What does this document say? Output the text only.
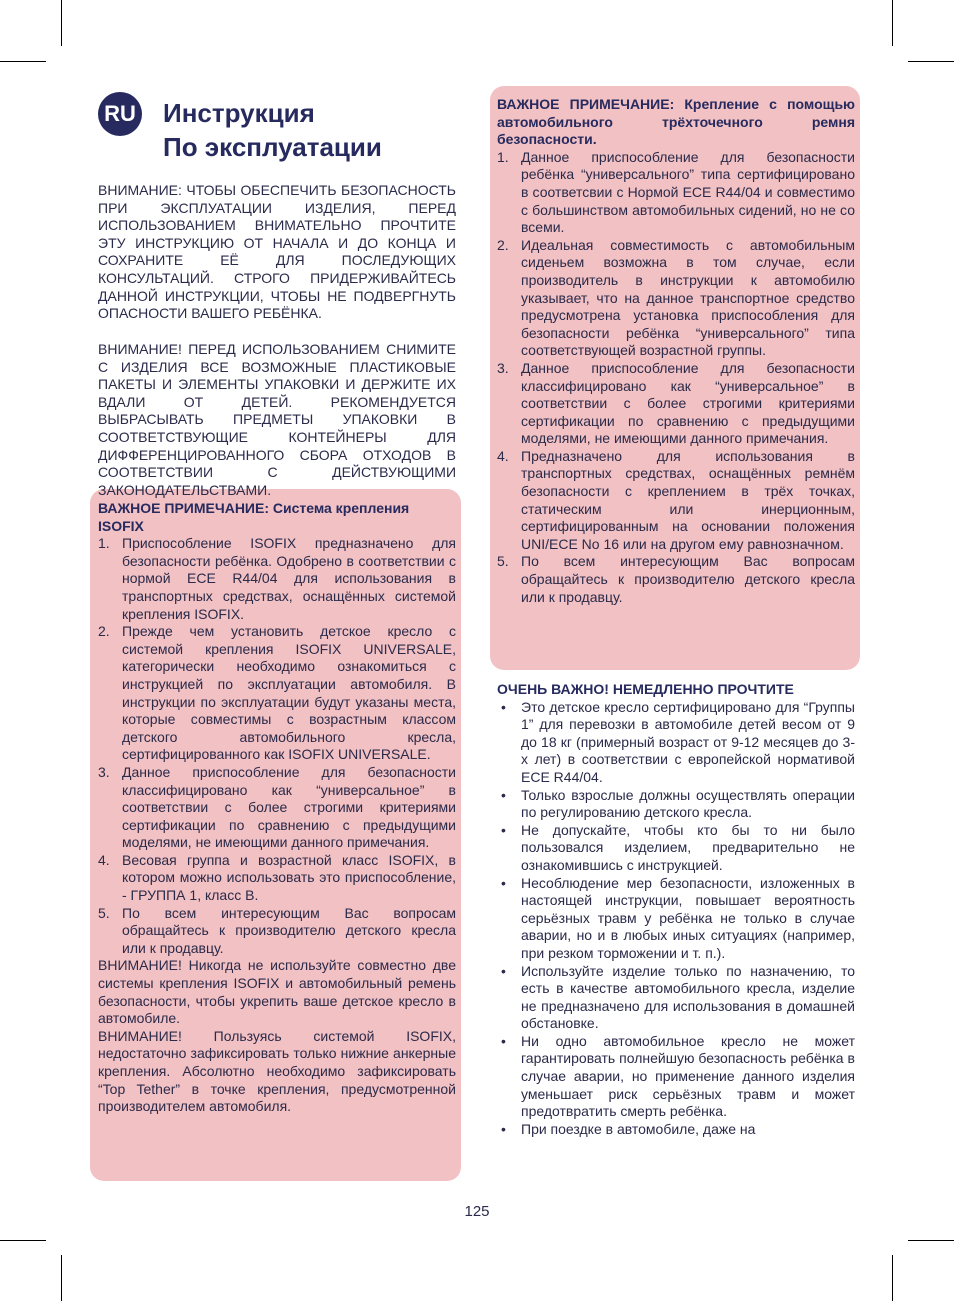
RU Инструкция
По эксплуатации
ВНИМАНИЕ: ЧТОБЫ ОБЕСПЕЧИТЬ БЕЗОПАСНОСТЬ ПРИ ЭКСПЛУАТАЦИИ ИЗДЕЛИЯ, ПЕРЕД ИСПОЛЬЗОВАНИЕМ ВНИМАТЕЛЬНО ПРОЧТИТЕ ЭТУ ИНСТРУКЦИЮ ОТ НАЧАЛА И ДО КОНЦА И СОХРАНИТЕ ЕЁ ДЛЯ ПОСЛЕДУЮЩИХ КОНСУЛЬТАЦИЙ. СТРОГО ПРИДЕРЖИВАЙТЕСЬ ДАННОЙ ИНСТРУКЦИИ, ЧТОБЫ НЕ ПОДВЕРГНУТЬ ОПАСНОСТИ ВАШЕГО РЕБЁНКА.
ВНИМАНИЕ! ПЕРЕД ИСПОЛЬЗОВАНИЕМ СНИМИТЕ С ИЗДЕЛИЯ ВСЕ ВОЗМОЖНЫЕ ПЛАСТИКОВЫЕ ПАКЕТЫ И ЭЛЕМЕНТЫ УПАКОВКИ И ДЕРЖИТЕ ИХ ВДАЛИ ОТ ДЕТЕЙ. РЕКОМЕНДУЕТСЯ ВЫБРАСЫВАТЬ ПРЕДМЕТЫ УПАКОВКИ В СООТВЕТСТВУЮЩИЕ КОНТЕЙНЕРЫ ДЛЯ ДИФФЕРЕНЦИРОВАННОГО СБОРА ОТХОДОВ В СООТВЕТСТВИИ С ДЕЙСТВУЮЩИМИ ЗАКОНОДАТЕЛЬСТВАМИ.
ВАЖНОЕ ПРИМЕЧАНИЕ: Система крепления ISOFIX
1. Приспособление ISOFIX предназначено для безопасности ребёнка. Одобрено в соответствии с нормой ECE R44/04 для использования в транспортных средствах, оснащённых системой крепления ISOFIX.
2. Прежде чем установить детское кресло с системой крепления ISOFIX UNIVERSALE, категорически необходимо ознакомиться с инструкцией по эксплуатации автомобиля. В инструкции по эксплуатации будут указаны места, которые совместимы с возрастным классом детского автомобильного кресла, сертифицированного как ISOFIX UNIVERSALE.
3. Данное приспособление для безопасности классифицировано как “универсальное” в соответствии с более строгими критериями сертификации по сравнению с предыдущими моделями, не имеющими данного примечания.
4. Весовая группа и возрастной класс ISOFIX, в котором можно использовать это приспособление, - ГРУППА 1, класс В.
5. По всем интересующим Вас вопросам обращайтесь к производителю детского кресла или к продавцу.
ВНИМАНИЕ! Никогда не используйте совместно две системы крепления ISOFIX и автомобильный ремень безопасности, чтобы укрепить ваше детское кресло в автомобиле.
ВНИМАНИЕ! Пользуясь системой ISOFIX, недостаточно зафиксировать только нижние анкерные крепления. Абсолютно необходимо зафиксировать “Top Tether” в точке крепления, предусмотренной производителем автомобиля.
ВАЖНОЕ ПРИМЕЧАНИЕ: Крепление с помощью автомобильного трёхточечного ремня безопасности.
1. Данное приспособление для безопасности ребёнка “универсального” типа сертифицировано в соответсвии с Нормой ECE R44/04 и совместимо с большинством автомобильных сидений, но не со всеми.
2. Идеальная совместимость с автомобильным сиденьем возможна в том случае, если производитель в инструкции к автомобилю указывает, что на данное транспортное средство предусмотрена установка приспособления для безопасности ребёнка “универсального” типа соответствующей возрастной группы.
3. Данное приспособление для безопасности классифицировано как “универсальное” в соответствии с более строгими критериями сертификации по сравнению с предыдущими моделями, не имеющими данного примечания.
4. Предназначено для использования в транспортных средствах, оснащённых ремнём безопасности с креплением в трёх точках, статическим или инерционным, сертифицированным на основании положения UNI/ECE No 16 или на другом ему равнозначном.
5. По всем интересующим Вас вопросам обращайтесь к производителю детского кресла или к продавцу.
ОЧЕНЬ ВАЖНО! НЕМЕДЛЕННО ПРОЧТИТЕ
• Это детское кресло сертифицировано для “Группы 1” для перевозки в автомобиле детей весом от 9 до 18 кг (примерный возраст от 9-12 месяцев до 3-х лет) в соответствии с европейской нормативой ECE R44/04.
• Только взрослые должны осуществлять операции по регулированию детского кресла.
• Не допускайте, чтобы кто бы то ни было пользовался изделием, предварительно не ознакомившись с инструкцией.
• Несоблюдение мер безопасности, изложенных в настоящей инструкции, повышает вероятность серьёзных травм у ребёнка не только в случае аварии, но и в любых иных ситуациях (например, при резком торможении и т. п.).
• Используйте изделие только по назначению, то есть в качестве автомобильного кресла, изделие не предназначено для использования в домашней обстановке.
• Ни одно автомобильное кресло не может гарантировать полнейшую безопасность ребёнка в случае аварии, но применение данного изделия уменьшает риск серьёзных травм и может предотвратить смерть ребёнка.
• При поездке в автомобиле, даже на
125
